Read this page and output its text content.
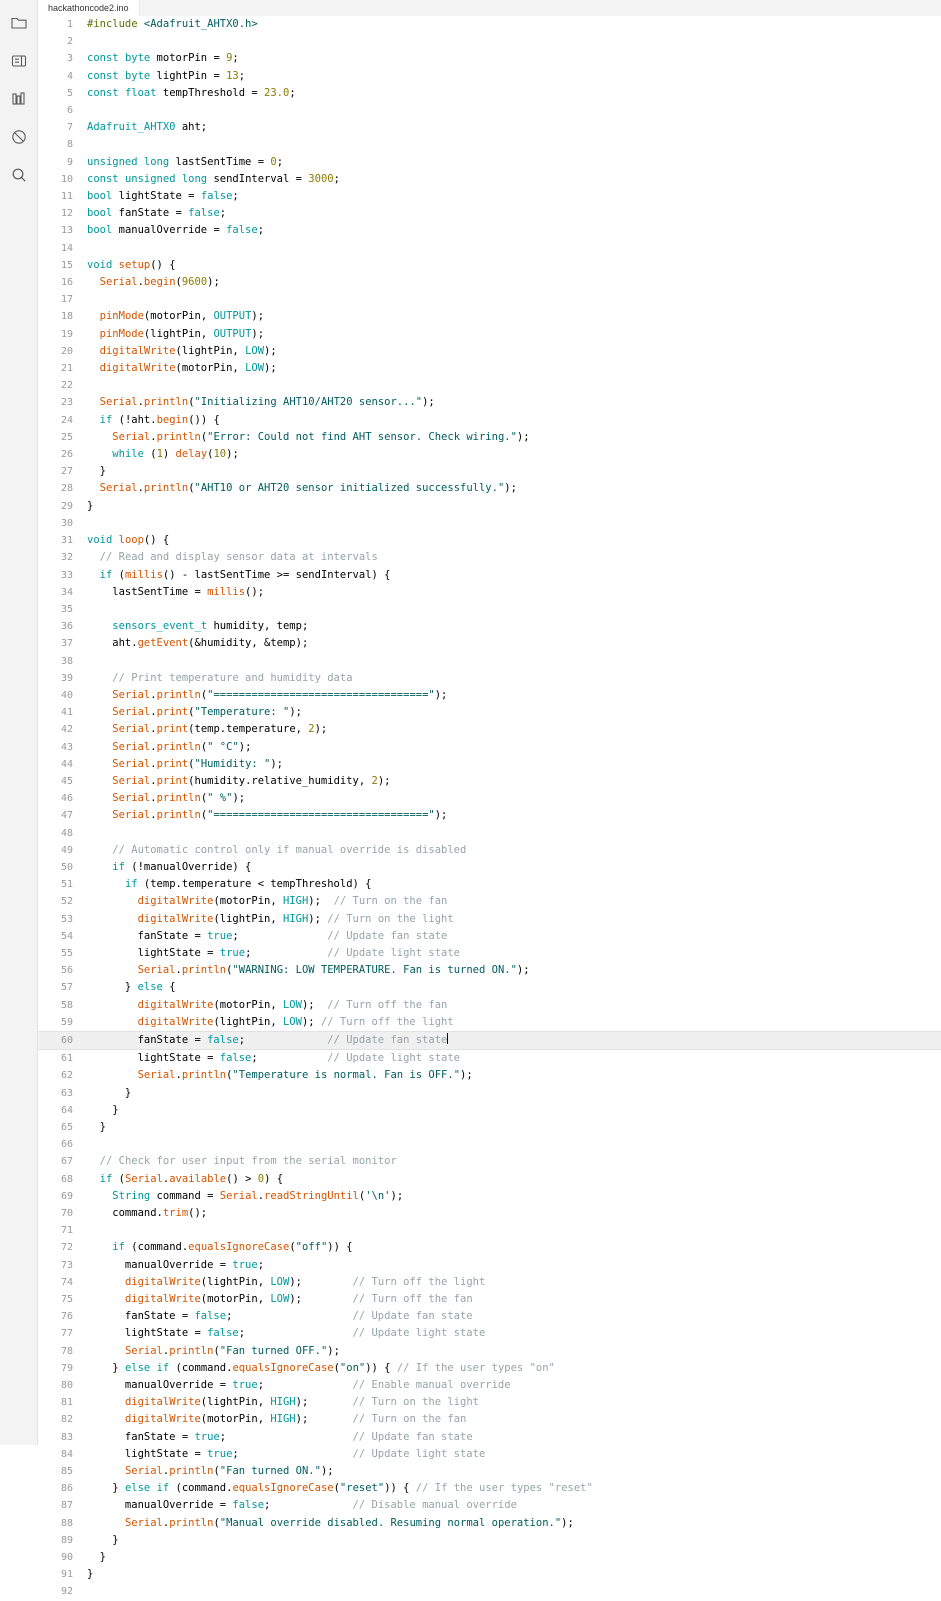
hackathoncode2.ino
1	#include <Adafruit_AHTX0.h>
2	
3	const byte motorPin = 9;
4	const byte lightPin = 13;
5	const float tempThreshold = 23.0;
6	
7	Adafruit_AHTX0 aht;
8	
9	unsigned long lastSentTime = 0;
10	const unsigned long sendInterval = 3000;
11	bool lightState = false;
12	bool fanState = false;
13	bool manualOverride = false;
14	
15	void setup() {
16	Serial.begin(9600);
17	
18	pinMode(motorPin, OUTPUT);
19	pinMode(lightPin, OUTPUT);
20	digitalWrite(lightPin, LOW);
21	digitalWrite(motorPin, LOW);
22	
23	Serial.println("Initializing AHT10/AHT20 sensor...");
24	if (!aht.begin()) {
25	Serial.println("Error: Could not find AHT sensor. Check wiring.");
26	while (1) delay(10);
27	}
28	Serial.println("AHT10 or AHT20 sensor initialized successfully.");
29	}
30	
31	void loop() {
32	// Read and display sensor data at intervals
33	if (millis() - lastSentTime >= sendInterval) {
34	lastSentTime = millis();
35	
36	sensors_event_t humidity, temp;
37	aht.getEvent(&humidity, &temp);
38	
39	// Print temperature and humidity data
40	Serial.println("==================================");
41	Serial.print("Temperature: ");
42	Serial.print(temp.temperature, 2);
43	Serial.println(" °C");
44	Serial.print("Humidity: ");
45	Serial.print(humidity.relative_humidity, 2);
46	Serial.println(" %");
47	Serial.println("==================================");
48	
49	// Automatic control only if manual override is disabled
50	if (!manualOverride) {
51	if (temp.temperature < tempThreshold) {
52	digitalWrite(motorPin, HIGH);  // Turn on the fan
53	digitalWrite(lightPin, HIGH); // Turn on the light
54	fanState = true;              // Update fan state
55	lightState = true;            // Update light state
56	Serial.println("WARNING: LOW TEMPERATURE. Fan is turned ON.");
57	} else {
58	digitalWrite(motorPin, LOW);  // Turn off the fan
59	digitalWrite(lightPin, LOW); // Turn off the light
60	fanState = false;             // Update fan state
61	lightState = false;           // Update light state
62	Serial.println("Temperature is normal. Fan is OFF.");
63	}
64	}
65	}
66	
67	// Check for user input from the serial monitor
68	if (Serial.available() > 0) {
69	String command = Serial.readStringUntil('\n');
70	command.trim();
71	
72	if (command.equalsIgnoreCase("off")) {
73	manualOverride = true;
74	digitalWrite(lightPin, LOW);        // Turn off the light
75	digitalWrite(motorPin, LOW);        // Turn off the fan
76	fanState = false;                   // Update fan state
77	lightState = false;                 // Update light state
78	Serial.println("Fan turned OFF.");
79	} else if (command.equalsIgnoreCase("on")) { // If the user types "on"
80	manualOverride = true;              // Enable manual override
81	digitalWrite(lightPin, HIGH);       // Turn on the light
82	digitalWrite(motorPin, HIGH);       // Turn on the fan
83	fanState = true;                    // Update fan state
84	lightState = true;                  // Update light state
85	Serial.println("Fan turned ON.");
86	} else if (command.equalsIgnoreCase("reset")) { // If the user types "reset"
87	manualOverride = false;             // Disable manual override
88	Serial.println("Manual override disabled. Resuming normal operation.");
89	}
90	}
91	}
92	
